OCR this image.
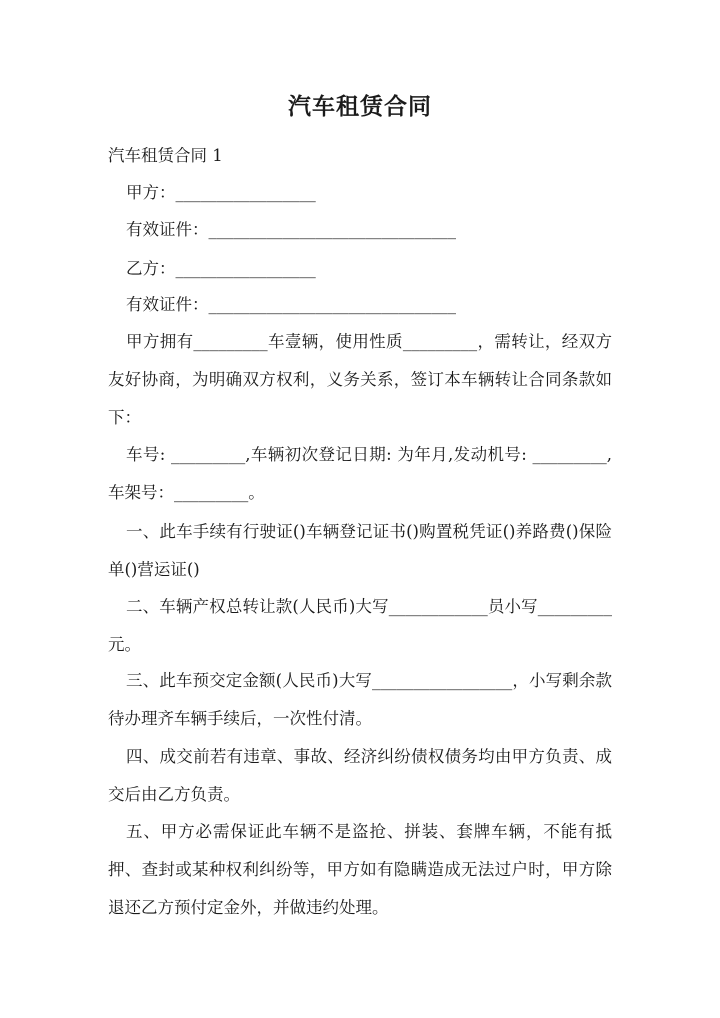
汽车租赁合同
汽车租赁合同 1
甲方：_________________
有效证件：______________________________
乙方：_________________
有效证件：______________________________
甲方拥有_________车壹辆，使用性质_________，需转让，经双方友好协商，为明确双方权利，义务关系，签订本车辆转让合同条款如下：
车号: _________,车辆初次登记日期: 为年月,发动机号: _________,车架号：_________。
一、此车手续有行驶证()车辆登记证书()购置税凭证()养路费()保险单()营运证()
二、车辆产权总转让款(人民币)大写____________员小写_________元。
三、此车预交定金额(人民币)大写_________________，小写剩余款待办理齐车辆手续后，一次性付清。
四、成交前若有违章、事故、经济纠纷债权债务均由甲方负责、成交后由乙方负责。
五、甲方必需保证此车辆不是盗抢、拼装、套牌车辆，不能有抵押、查封或某种权利纠纷等，甲方如有隐瞒造成无法过户时，甲方除退还乙方预付定金外，并做违约处理。
